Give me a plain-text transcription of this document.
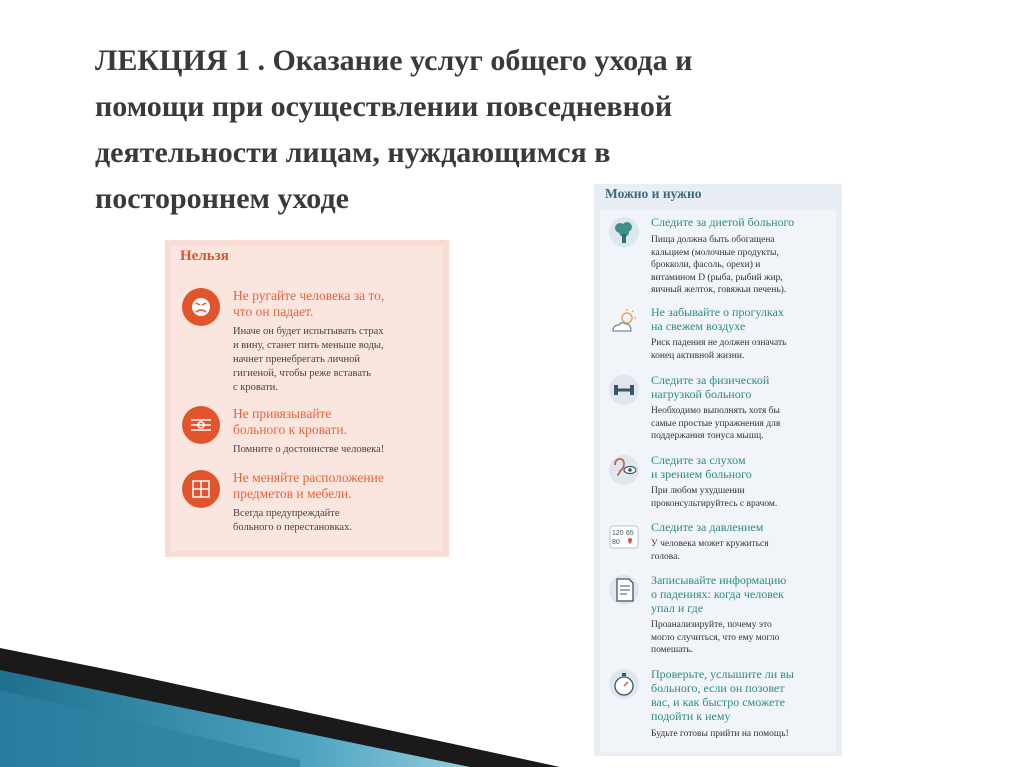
ЛЕКЦИЯ 1 . Оказание услуг общего ухода и
помощи при осуществлении повседневной
деятельности лицам, нуждающимся в
постороннем уходе
Нельзя
Не ругайте человека за то,
что он падает.
Иначе он будет испытывать страх
и вину, станет пить меньше воды,
начнет пренебрегать личной
гигиеной, чтобы реже вставать
с кровати.
Не привязывайте
больного к кровати.
Помните о достоинстве человека!
Не меняйте расположение
предметов и мебели.
Всегда предупреждайте
больного о перестановках.
Можно и нужно
Следите за диетой больного
Пища должна быть обогащена
кальцием (молочные продукты,
брокколи, фасоль, орехи) и
витамином D (рыба, рыбий жир,
яичный желток, говяжьи печень).
Не забывайте о прогулках
на свежем воздухе
Риск падения не должен означать
конец активной жизни.
Следите за физической
нагрузкой больного
Необходимо выполнять хотя бы
самые простые упражнения для
поддержания тонуса мышц.
Следите за слухом
и зрением больного
При любом ухудшении
проконсультируйтесь с врачом.
120 65
80
Следите за давлением
У человека может кружиться
голова.
Записывайте информацию
о падениях: когда человек
упал и где
Проанализируйте, почему это
могло случиться, что ему могло
помешать.
Проверьте, услышите ли вы
больного, если он позовет
вас, и как быстро сможете
подойти к нему
Будьте готовы прийти на помощь!
